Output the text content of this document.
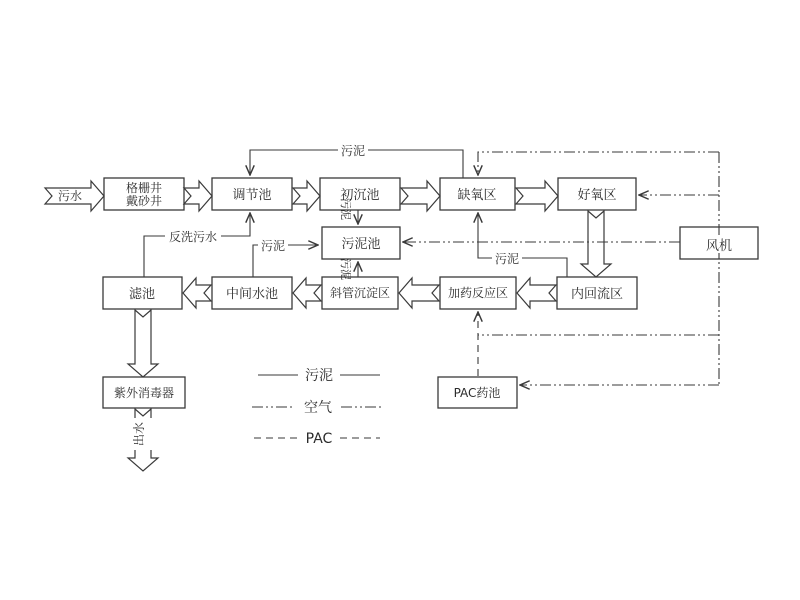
格栅井
戴砂井	调节池	初沉池	缺氧区	好氧区
污泥池
滤池	中间水池	斜管沉淀区	加药反应区	内回流区
紫外消毒器	PAC药池
污水
出水
风机
污泥
污泥
污泥
污泥
污泥
反洗污水
污泥
空气
PAC
